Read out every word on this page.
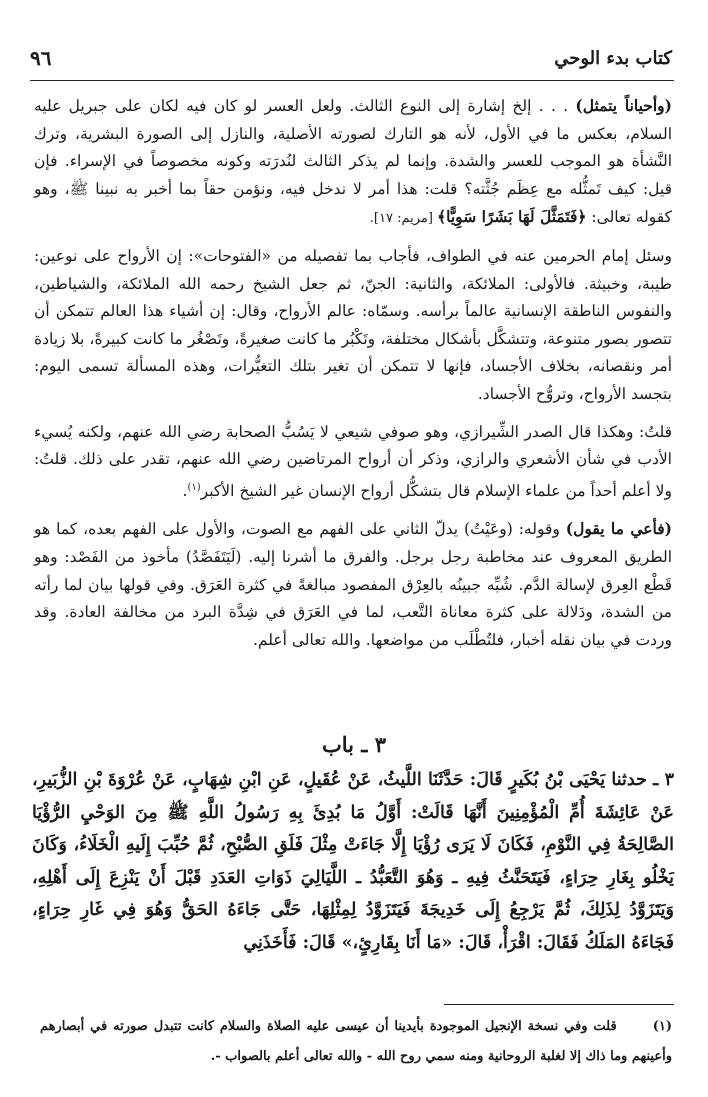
كتاب بدء الوحي
٩٦

(وأحياناً يتمثل) . . . إلخ إشارة إلى النوع الثالث. ولعل العسر لو كان فيه لكان على جبريل عليه السلام، بعكس ما في الأول، لأنه هو التارك لصورته الأصلية، والنازل إلى الصورة البشرية، وترك النَّشأة هو الموجب للعسر والشدة. وإنما لم يذكر الثالث لنُدرَته وكونه مخصوصاً في الإسراء. فإن قيل: كيف تَمثُّله مع عِظَم جُثَّته؟ قلت: هذا أمر لا ندخل فيه، ونؤمن حقاً بما أخبر به نبينا ﷺ، وهو كقوله تعالى: ﴿فَتَمَثَّلَ لَهَا بَشَرًا سَوِيًّا﴾ [مريم: ١٧].

وسئل إمام الحرمين عنه في الطواف، فأجاب بما تفصيله من «الفتوحات»: إن الأرواح على نوعين: طيبة، وخبيثة. فالأولى: الملائكة، والثانية: الجنّ، ثم جعل الشيخ رحمه الله الملائكة، والشياطين، والنفوس الناطقة الإنسانية عالماً برأسه. وسمّاه: عالم الأرواح، وقال: إن أشياء هذا العالم تتمكن أن تتصور بصور متنوعة، وتتشكَّل بأشكال مختلفة، وتَكْبُر ما كانت صغيرةً، وتَصْغُر ما كانت كبيرةً، بلا زيادة أمر ونقصانه، بخلاف الأجساد، فإنها لا تتمكن أن تغير بتلك التغيُّرات، وهذه المسألة تسمى اليوم: بتجسد الأرواح، وتروُّح الأجساد.

قلتُ: وهكذا قال الصدر الشِّيرازي، وهو صوفي شيعي لا يَسُبُّ الصحابة رضي الله عنهم، ولكنه يُسيء الأدب في شأن الأشعري والرازي، وذكر أن أرواح المرتاضين رضي الله عنهم، تقدر على ذلك. قلتُ: ولا أعلم أحداً من علماء الإسلام قال بتشكُّل أرواح الإنسان غير الشيخ الأكبر$^{(١)}$.

(فأعي ما يقول) وقوله: (وعَيْتُ) يدلّ الثاني على الفهم مع الصوت، والأول على الفهم بعده، كما هو الطريق المعروف عند مخاطبة رجل برجل. والفرق ما أشرنا إليه. (لَيَتَفَصَّدُ) مأخوذ من الفَصْد: وهو قَطْع العِرق لإسالة الدَّم. شُبِّه جبينُه بالعِرْق المفصود مبالغةً في كثرة العَرَق. وفي قولها بيان لما رأته من الشدة، ودَلالة على كثرة معاناة التَّعب، لما في العَرَق في شِدَّة البرد من مخالفة العادة. وقد وردت في بيان نقله أخبار، فلتُطْلَب من مواضعها. والله تعالى أعلم.

٣ ـ باب
٣ ـ حدثنا يَحْيَى بْنُ بُكَيرٍ قَالَ: حَدَّثَنَا اللَّيثُ، عَنْ عُقَيلٍ، عَنِ ابْنِ شِهَابٍ، عَنْ عُرْوَةَ بْنِ الزُّبَيرِ، عَنْ عَائِشَةَ أُمِّ الْمُؤْمِنِينَ أَنَّهَا قَالَتْ: أَوَّلُ مَا بُدِئَ بِهِ رَسُولُ اللَّهِ ﷺ مِنَ الوَحْيِ الرُّؤْيَا الصَّالِحَةُ فِي النَّوْمِ، فَكَانَ لَا يَرَى رُؤْيَا إِلَّا جَاءَتْ مِثْلَ فَلَقِ الصُّبْحِ، ثُمَّ حُبِّبَ إِلَيهِ الْخَلَاءُ، وَكَانَ يَخْلُو بِغَارِ حِرَاءٍ، فَيَتَحَنَّثُ فِيهِ ـ وَهُوَ التَّعَبُّدُ ـ اللَّيَالِيَ ذَوَاتِ العَدَدِ قَبْلَ أَنْ يَنْزِعَ إِلَى أَهْلِهِ، وَيَتَزَوَّدُ لِذَلِكَ، ثُمَّ يَرْجِعُ إِلَى خَدِيجَةَ فَيَتَزَوَّدُ لِمِثْلِهَا، حَتَّى جَاءَهُ الحَقُّ وَهُوَ فِي غَارِ حِرَاءٍ، فَجَاءَهُ المَلَكُ فَقَالَ: اقْرَأْ، قَالَ: «مَا أَنَا بِقَارِئٍ،» قَالَ: فَأَخَذَنِي
(١)قلت وفي نسخة الإنجيل الموجودة بأيدينا أن عيسى عليه الصلاة والسلام كانت تتبدل صورته في أبصارهم وأعينهم وما ذاك إلا لغلبة الروحانية ومنه سمي روح الله - والله تعالى أعلم بالصواب -.
